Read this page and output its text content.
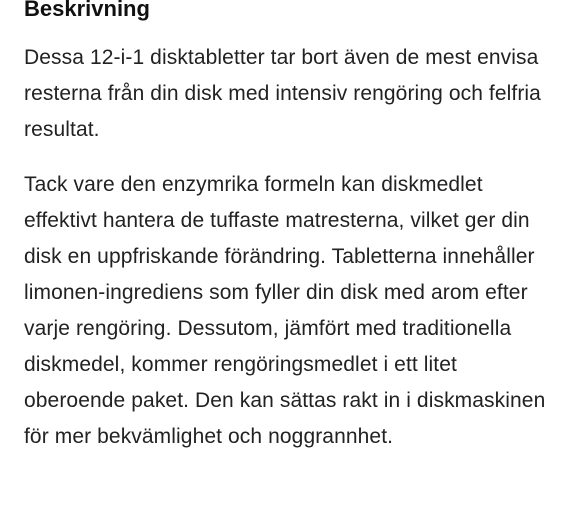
Beskrivning

Dessa 12-i-1 disktabletter tar bort även de mest envisa resterna från din disk med intensiv rengöring och felfria resultat.

Tack vare den enzymrika formeln kan diskmedlet effektivt hantera de tuffaste matresterna, vilket ger din disk en uppfriskande förändring. Tabletterna innehåller limonen-ingrediens som fyller din disk med arom efter varje rengöring. Dessutom, jämfört med traditionella diskmedel, kommer rengöringsmedlet i ett litet oberoende paket. Den kan sättas rakt in i diskmaskinen för mer bekvämlighet och noggrannhet.
